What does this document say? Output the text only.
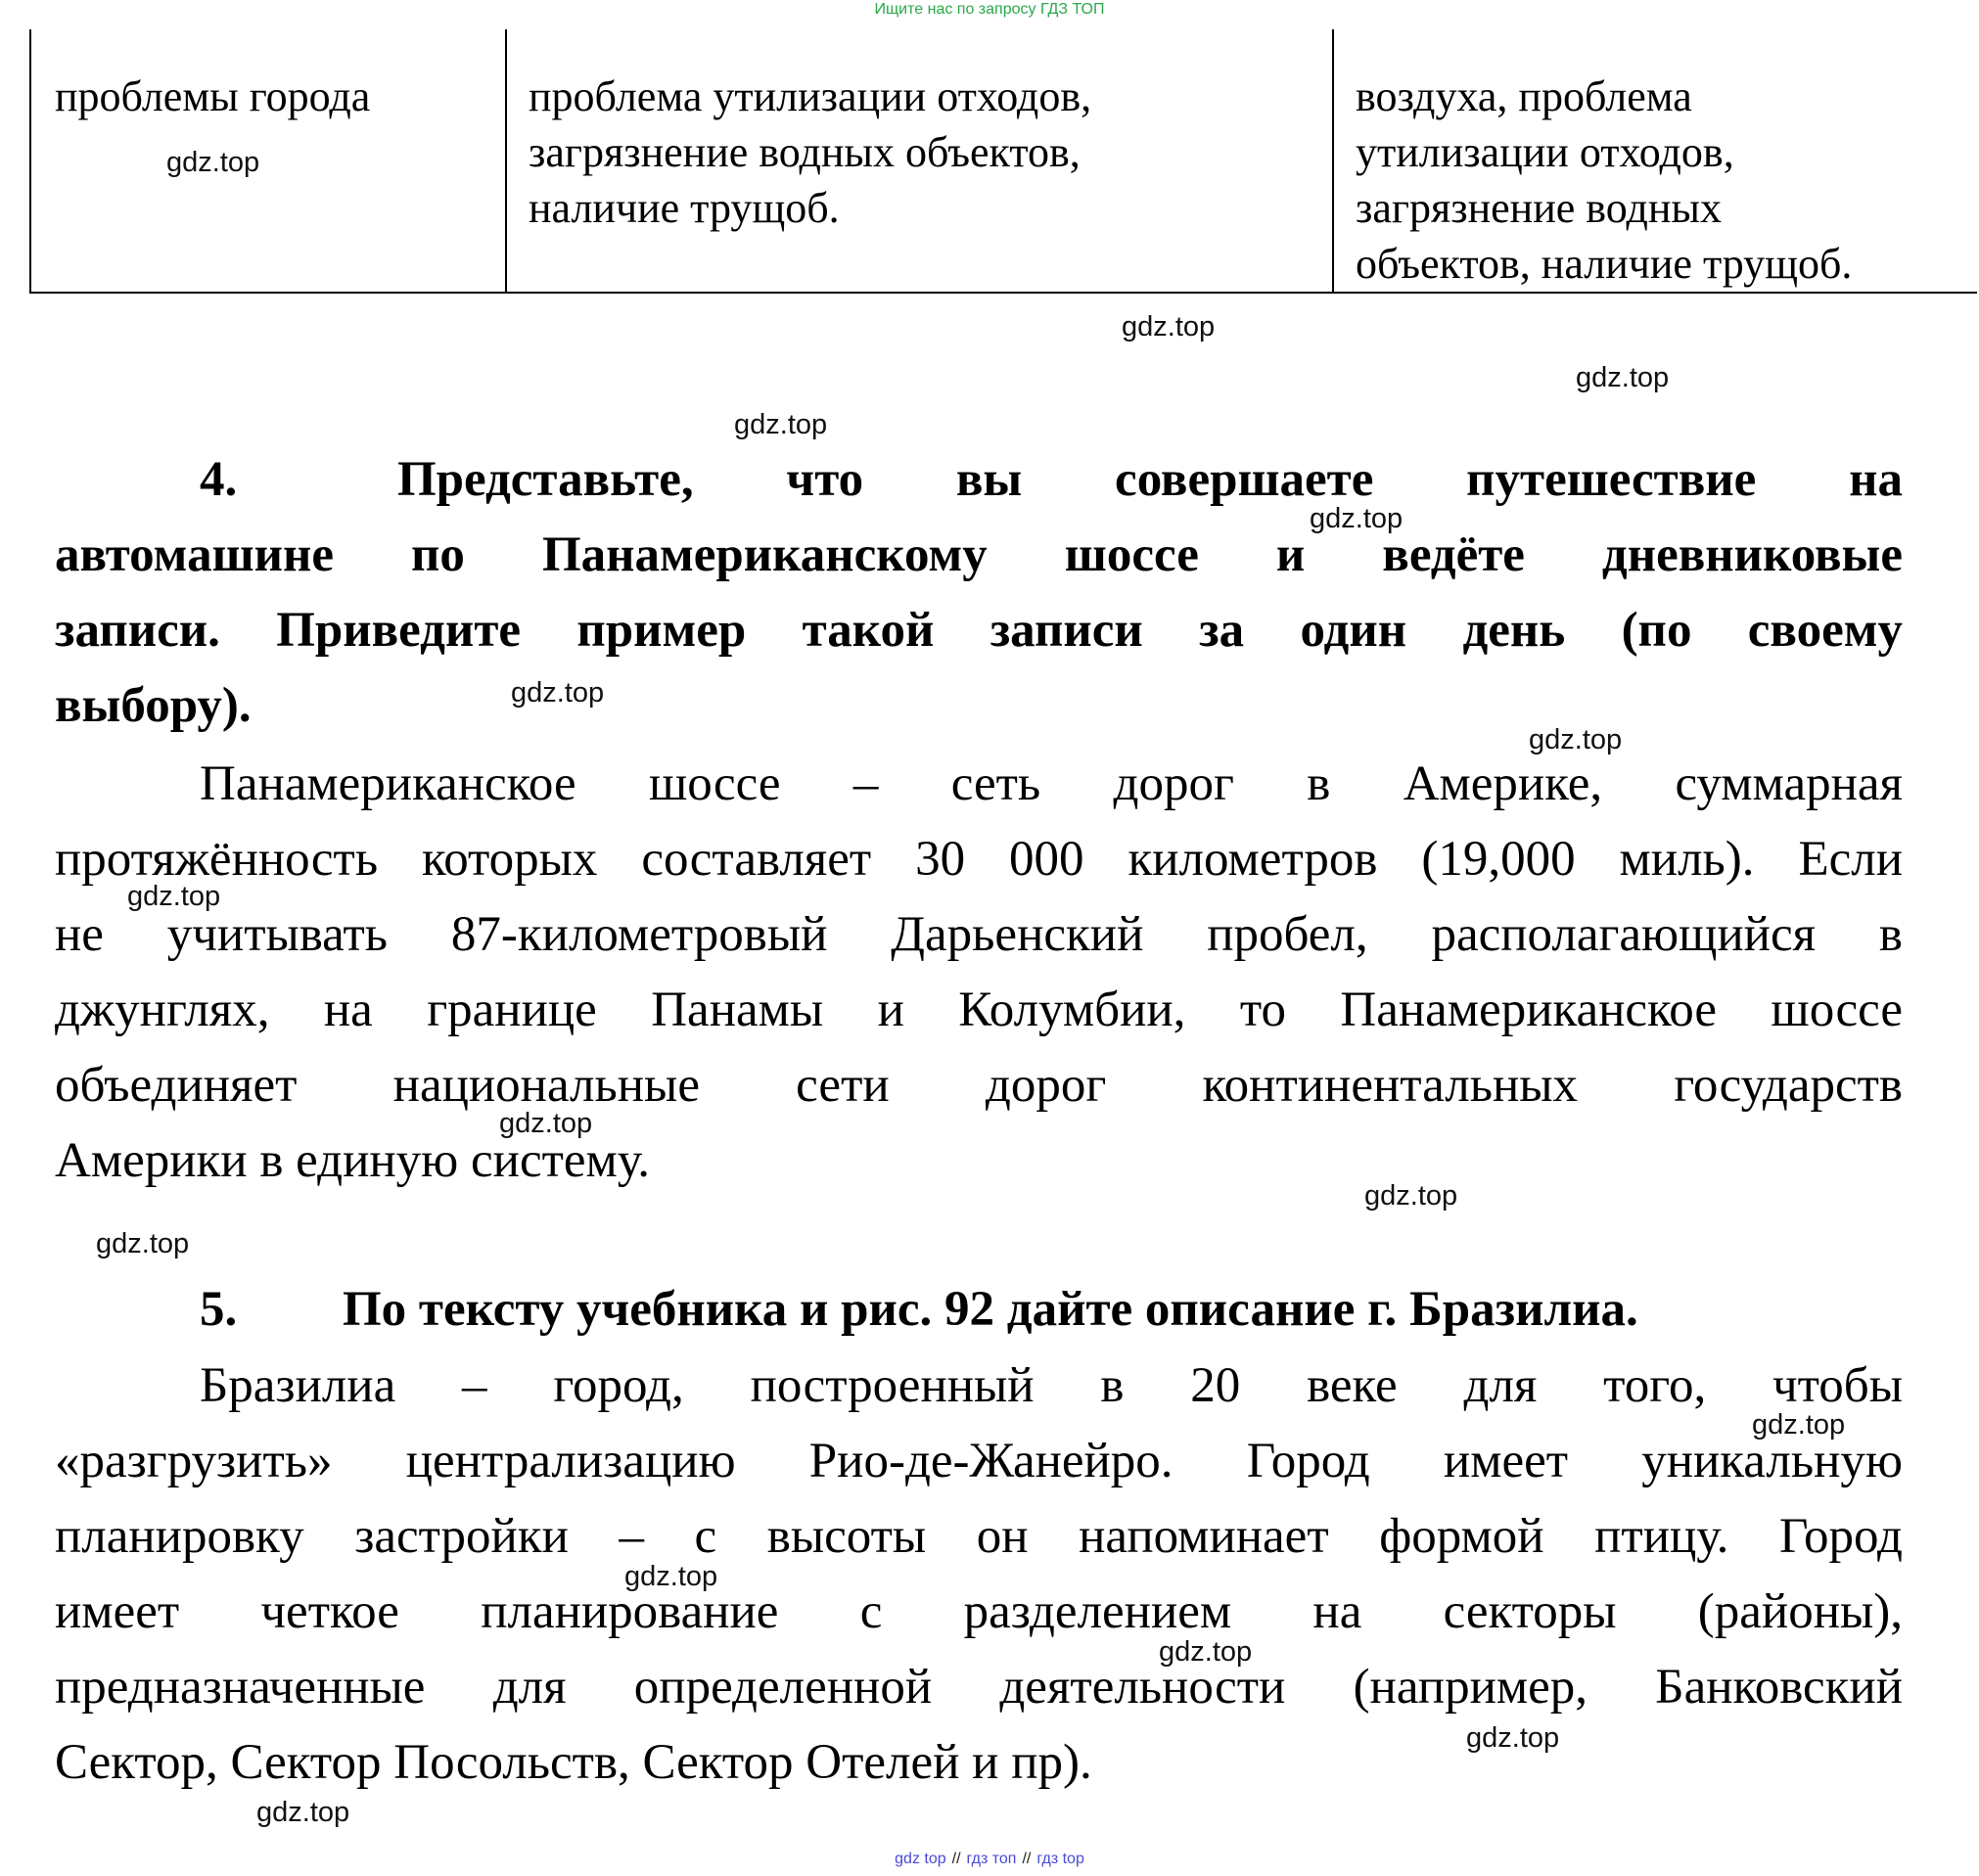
Ищите нас по запросу ГДЗ ТОП
проблемы города	проблема утилизации отходов,
загрязнение водных объектов,
наличие трущоб.
воздуха, проблема
утилизации отходов,
загрязнение водных
объектов, наличие трущоб.
4.	Представьте, что вы совершаете путешествие на
автомашине по Панамериканскому шоссе и ведёте дневниковые
записи. Приведите пример такой записи за один день (по своему
выбору).
Панамериканское шоссе – сеть дорог в Америке, суммарная
протяжённость которых составляет 30 000 километров (19,000 миль). Если
не учитывать 87-километровый Дарьенский пробел, располагающийся в
джунглях, на границе Панамы и Колумбии, то Панамериканское шоссе
объединяет национальные сети дорог континентальных государств
Америки в единую систему.
5. По тексту учебника и рис. 92 дайте описание г. Бразилиа.

Бразилиа – город, построенный в 20 веке для того, чтобы
«разгрузить» централизацию Рио-де-Жанейро. Город имеет уникальную
планировку застройки – с высоты он напоминает формой птицу. Город
имеет четкое планирование с разделением на секторы (районы),
предназначенные для определенной деятельности (например, Банковский
Сектор, Сектор Посольств, Сектор Отелей и пр).
gdz.top
gdz.top
gdz.top
gdz.top
gdz.top
gdz.top
gdz.top
gdz.top
gdz.top
gdz.top
gdz.top
gdz.top
gdz.top
gdz.top
gdz.top
gdz.top
gdz top // гдз топ // гдз top
